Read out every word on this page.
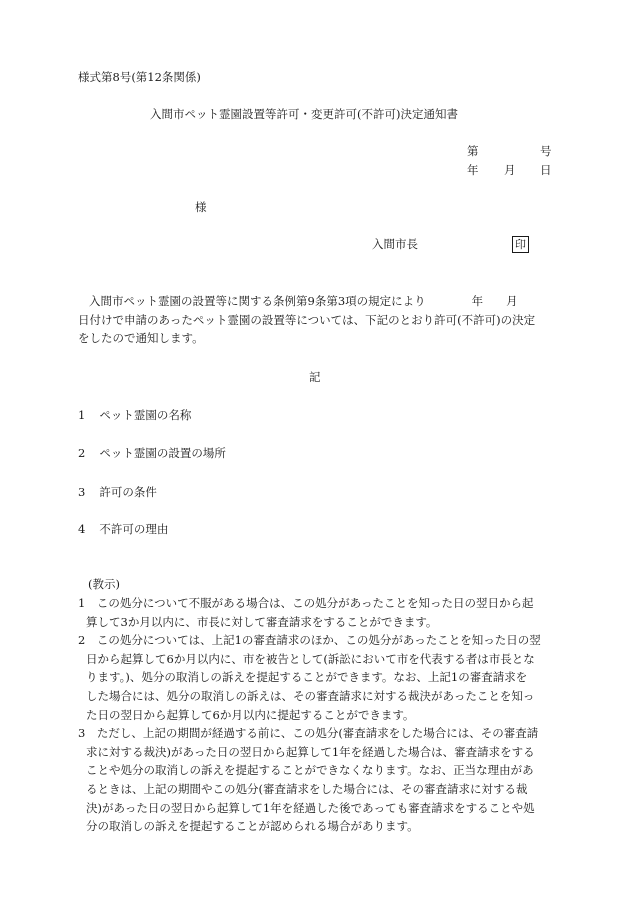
様式第8号(第12条関係)
入間市ペット霊園設置等許可・変更許可(不許可)決定通知書
第	号
年 月 日
様
入間市長	印
入間市ペット霊園の設置等に関する条例第9条第3項の規定により　　　　年　　月
日付けで申請のあったペット霊園の設置等については、下記のとおり許可(不許可)の決定
をしたので通知します。
記
1 ペット霊園の名称
2 ペット霊園の設置の場所
3 許可の条件
4 不許可の理由
(教示)
1　この処分について不服がある場合は、この処分があったことを知った日の翌日から起
算して3か月以内に、市長に対して審査請求をすることができます。
2　この処分については、上記1の審査請求のほか、この処分があったことを知った日の翌
日から起算して6か月以内に、市を被告として(訴訟において市を代表する者は市長とな
ります。)、処分の取消しの訴えを提起することができます。なお、上記1の審査請求を
した場合には、処分の取消しの訴えは、その審査請求に対する裁決があったことを知っ
た日の翌日から起算して6か月以内に提起することができます。
3　ただし、上記の期間が経過する前に、この処分(審査請求をした場合には、その審査請
求に対する裁決)があった日の翌日から起算して1年を経過した場合は、審査請求をする
ことや処分の取消しの訴えを提起することができなくなります。なお、正当な理由があ
るときは、上記の期間やこの処分(審査請求をした場合には、その審査請求に対する裁
決)があった日の翌日から起算して1年を経過した後であっても審査請求をすることや処
分の取消しの訴えを提起することが認められる場合があります。
